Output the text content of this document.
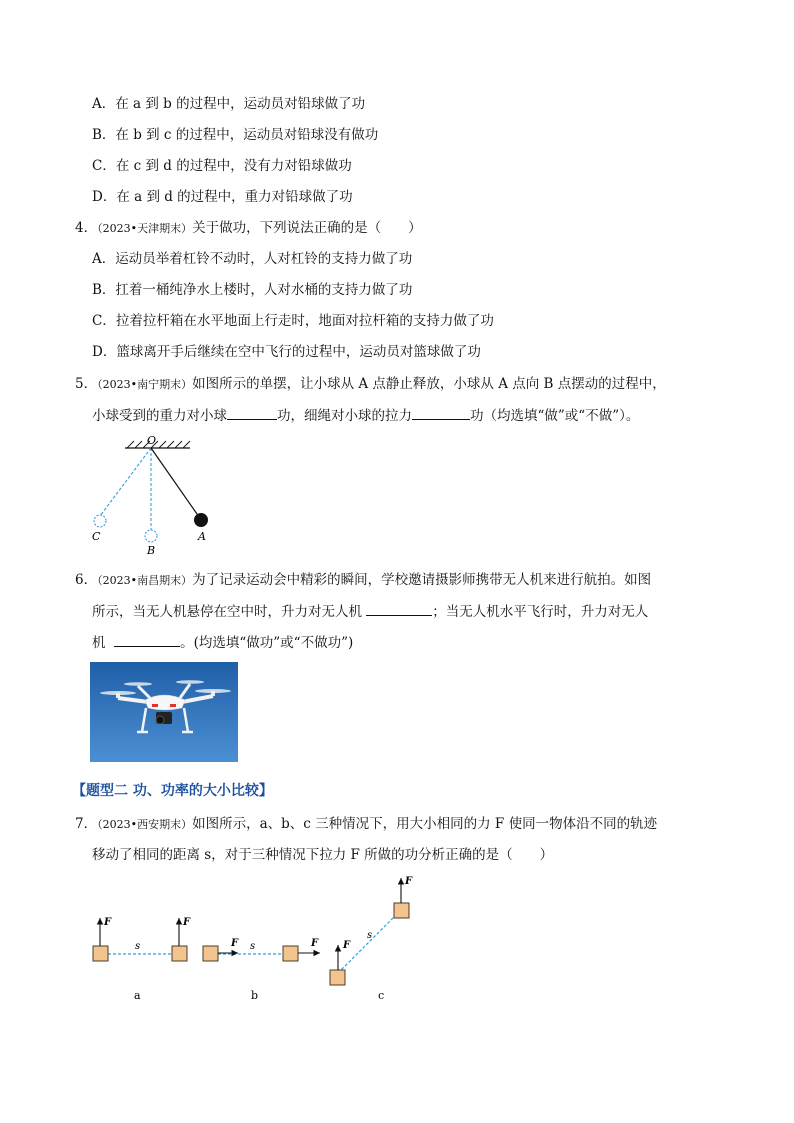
A．在 a 到 b 的过程中，运动员对铅球做了功
B．在 b 到 c 的过程中，运动员对铅球没有做功
C．在 c 到 d 的过程中，没有力对铅球做功
D．在 a 到 d 的过程中，重力对铅球做了功
4．（2023•天津期末）关于做功，下列说法正确的是（　　）
A．运动员举着杠铃不动时，人对杠铃的支持力做了功
B．扛着一桶纯净水上楼时，人对水桶的支持力做了功
C．拉着拉杆箱在水平地面上行走时，地面对拉杆箱的支持力做了功
D．篮球离开手后继续在空中飞行的过程中，运动员对篮球做了功
5．（2023•南宁期末）如图所示的单摆，让小球从 A 点静止释放，小球从 A 点向 B 点摆动的过程中，
小球受到的重力对小球	功，细绳对小球的拉力	功（均选填“做”或“不做”）。
O
C
B
A
6．（2023•南昌期末）为了记录运动会中精彩的瞬间，学校邀请摄影师携带无人机来进行航拍。如图
所示，当无人机悬停在空中时，升力对无人机	；当无人机水平飞行时，升力对无人
机	。(均选填“做功”或“不做功”)
【题型二 功、功率的大小比较】
7．（2023•西安期末）如图所示，a、b、c 三种情况下，用大小相同的力 F 使同一物体沿不同的轨迹
移动了相同的距离 s，对于三种情况下拉力 F 所做的功分析正确的是（　　）
F	F
s
a
F	F
s
b
F
F
s
c
